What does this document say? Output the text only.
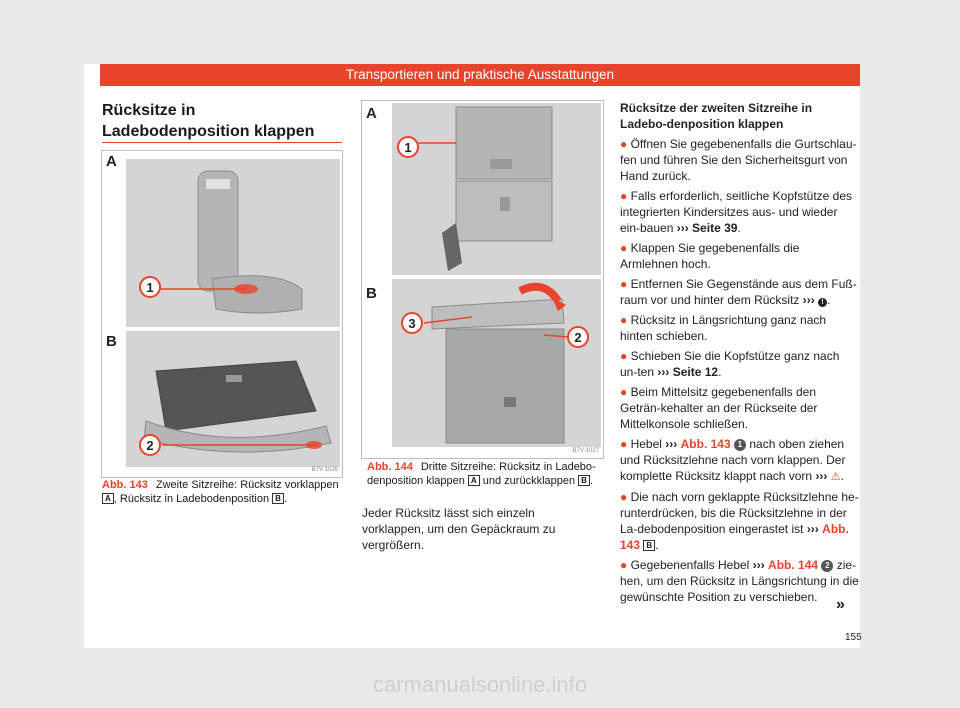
Transportieren und praktische Ausstattungen
Rücksitze in Ladebodenposition klappen
1
A
2
B
B7V-1026
Abb. 143 Zweite Sitzreihe: Rücksitz vorklappen A , Rücksitz in Ladebodenposition B .
1
A
3
2
B
B7V-1027
Abb. 144 Dritte Sitzreihe: Rücksitz in Ladebo-denposition klappen A und zurückklappen B .
Jeder Rücksitz lässt sich einzeln vorklappen, um den Gepäckraum zu vergrößern.
Rücksitze der zweiten Sitzreihe in Ladebo-denposition klappen

● Öffnen Sie gegebenenfalls die Gurtschlau-fen und führen Sie den Sicherheitsgurt von Hand zurück.

● Falls erforderlich, seitliche Kopfstütze des integrierten Kindersitzes aus- und wieder ein-bauen ››› Seite 39.

● Klappen Sie gegebenenfalls die Armlehnen hoch.

● Entfernen Sie Gegenstände aus dem Fuß-raum vor und hinter dem Rücksitz ››› ! .

● Rücksitz in Längsrichtung ganz nach hinten schieben.

● Schieben Sie die Kopfstütze ganz nach un-ten ››› Seite 12.

● Beim Mittelsitz gegebenenfalls den Geträn-kehalter an der Rückseite der Mittelkonsole schließen.

● Hebel ››› Abb. 143 1 nach oben ziehen und Rücksitzlehne nach vorn klappen. Der komplette Rücksitz klappt nach vorn ››› ⚠.

● Die nach vorn geklappte Rücksitzlehne he-runterdrücken, bis die Rücksitzlehne in der La-debodenposition eingerastet ist ››› Abb. 143 B .

● Gegebenenfalls Hebel ››› Abb. 144 2 zie-hen, um den Rücksitz in Längsrichtung in die gewünschte Position zu verschieben.	»
155
carmanualsonline.info
